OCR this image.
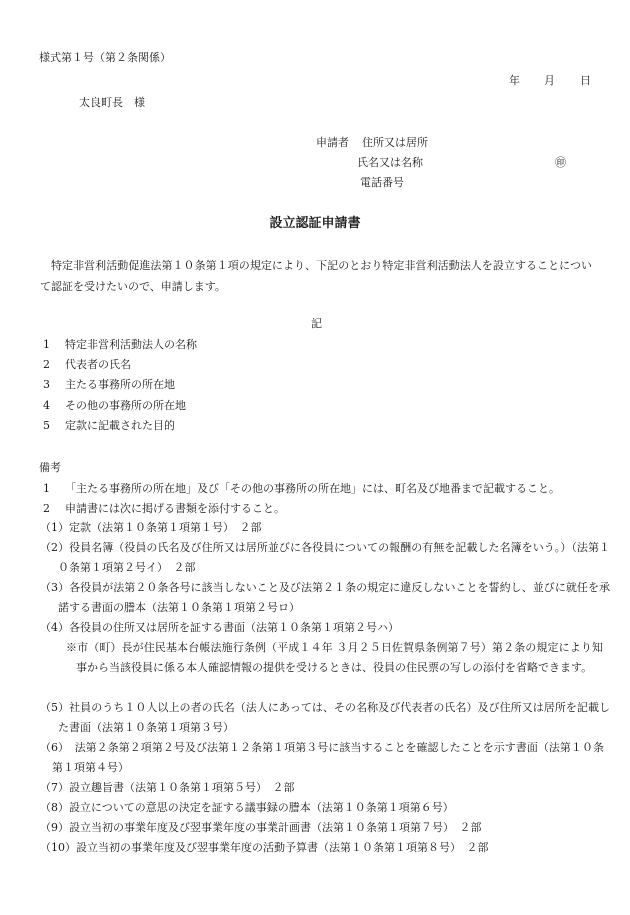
様式第１号（第２条関係）
年 月 日
太良町長　様
申請者 住所又は居所
氏名又は名称	㊞
電話番号
設立認証申請書
特定非営利活動促進法第１０条第１項の規定により、下記のとおり特定非営利活動法人を設立することについて認証を受けたいので、申請します。
記
1 特定非営利活動法人の名称
2 代表者の氏名
3 主たる事務所の所在地
4 その他の事務所の所在地
5 定款に記載された目的
備考
1 「主たる事務所の所在地」及び「その他の事務所の所在地」には、町名及び地番まで記載すること。
2 申請書には次に掲げる書類を添付すること。
（1）定款（法第１０条第１項第１号）　２部
（2）役員名簿（役員の氏名及び住所又は居所並びに各役員についての報酬の有無を記載した名簿をいう。）（法第１０条第１項第２号イ）　２部
（3）各役員が法第２０条各号に該当しないこと及び法第２１条の規定に違反しないことを誓約し、並びに就任を承諾する書面の謄本（法第１０条第１項第２号ロ）
（4）各役員の住所又は居所を証する書面（法第１０条第１項第２号ハ）
※市（町）長が住民基本台帳法施行条例（平成１４年 ３月２５日佐賀県条例第７号）第２条の規定により知事から当該役員に係る本人確認情報の提供を受けるときは、役員の住民票の写しの添付を省略できます。
（5）社員のうち１０人以上の者の氏名（法人にあっては、その名称及び代表者の氏名）及び住所又は居所を記載した書面（法第１０条第１項第３号）
（6）　法第２条第２項第２号及び法第１２条第１項第３号に該当することを確認したことを示す書面（法第１０条第１項第４号）
（7）設立趣旨書（法第１０条第１項第５号）　２部
（8）設立についての意思の決定を証する議事録の謄本（法第１０条第１項第６号）
（9）設立当初の事業年度及び翌事業年度の事業計画書（法第１０条第１項第７号）　２部
（10）設立当初の事業年度及び翌事業年度の活動予算書（法第１０条第１項第８号）　２部
